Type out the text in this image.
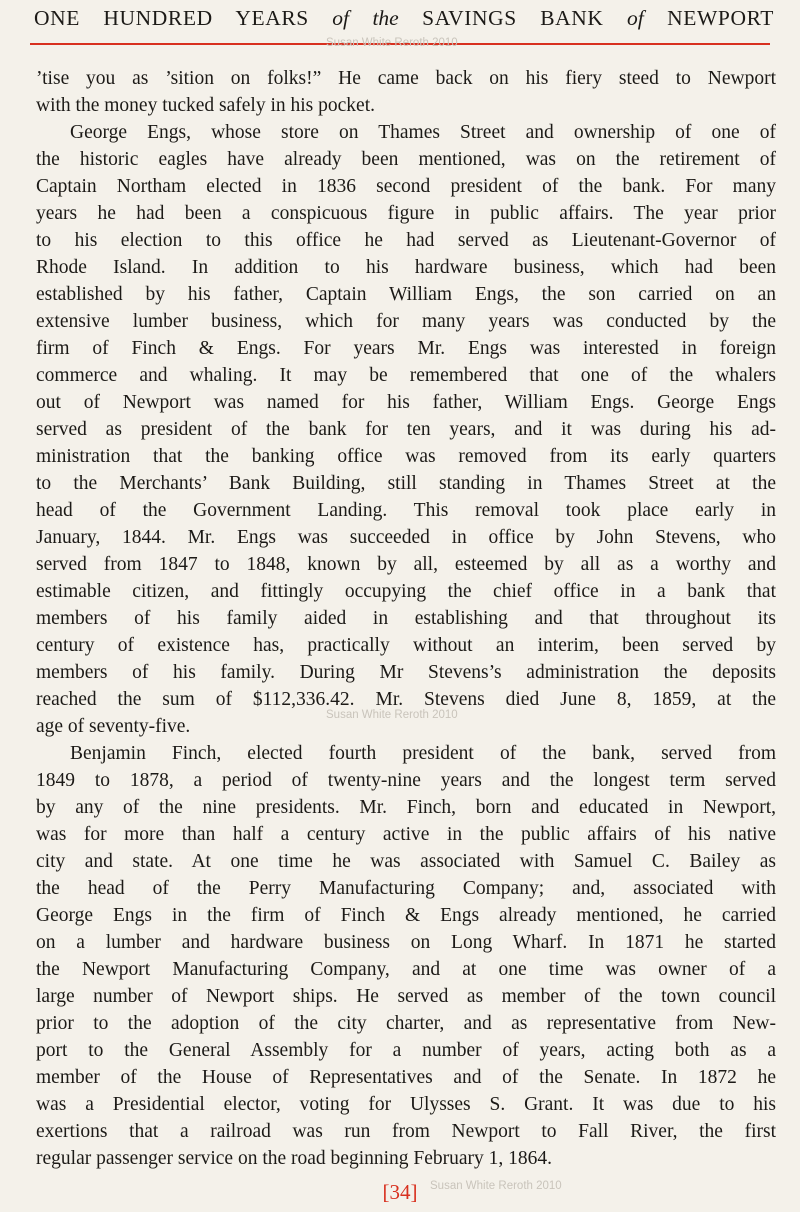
ONE HUNDRED YEARS of the SAVINGS BANK of NEWPORT
Susan White Reroth 2010
Susan White Reroth 2010
Susan White Reroth 2010
’tise you as ’sition on folks!” He came back on his fiery steed to Newport
with the money tucked safely in his pocket.
George Engs, whose store on Thames Street and ownership of one of
the historic eagles have already been mentioned, was on the retirement of
Captain Northam elected in 1836 second president of the bank. For many
years he had been a conspicuous figure in public affairs. The year prior
to his election to this office he had served as Lieutenant-Governor of
Rhode Island. In addition to his hardware business, which had been
established by his father, Captain William Engs, the son carried on an
extensive lumber business, which for many years was conducted by the
firm of Finch & Engs. For years Mr. Engs was interested in foreign
commerce and whaling. It may be remembered that one of the whalers
out of Newport was named for his father, William Engs. George Engs
served as president of the bank for ten years, and it was during his ad-
ministration that the banking office was removed from its early quarters
to the Merchants’ Bank Building, still standing in Thames Street at the
head of the Government Landing. This removal took place early in
January, 1844. Mr. Engs was succeeded in office by John Stevens, who
served from 1847 to 1848, known by all, esteemed by all as a worthy and
estimable citizen, and fittingly occupying the chief office in a bank that
members of his family aided in establishing and that throughout its
century of existence has, practically without an interim, been served by
members of his family. During Mr Stevens’s administration the deposits
reached the sum of $112,336.42. Mr. Stevens died June 8, 1859, at the
age of seventy-five.
Benjamin Finch, elected fourth president of the bank, served from
1849 to 1878, a period of twenty-nine years and the longest term served
by any of the nine presidents. Mr. Finch, born and educated in Newport,
was for more than half a century active in the public affairs of his native
city and state. At one time he was associated with Samuel C. Bailey as
the head of the Perry Manufacturing Company; and, associated with
George Engs in the firm of Finch & Engs already mentioned, he carried
on a lumber and hardware business on Long Wharf. In 1871 he started
the Newport Manufacturing Company, and at one time was owner of a
large number of Newport ships. He served as member of the town council
prior to the adoption of the city charter, and as representative from New-
port to the General Assembly for a number of years, acting both as a
member of the House of Representatives and of the Senate. In 1872 he
was a Presidential elector, voting for Ulysses S. Grant. It was due to his
exertions that a railroad was run from Newport to Fall River, the first
regular passenger service on the road beginning February 1, 1864.
[34]
